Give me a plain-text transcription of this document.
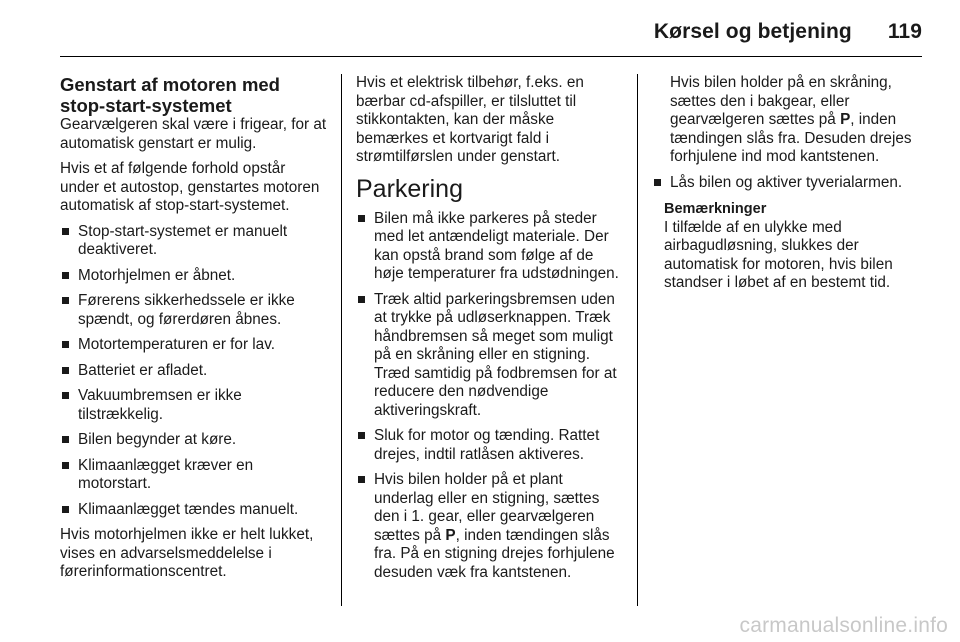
Kørsel og betjening 119
Genstart af motoren med stop-start-systemet

Gearvælgeren skal være i frigear, for at automatisk genstart er mulig.

Hvis et af følgende forhold opstår under et autostop, genstartes motoren automatisk af stop-start-systemet.

Stop-start-systemet er manuelt deaktiveret.
Motorhjelmen er åbnet.
Førerens sikkerhedssele er ikke spændt, og førerdøren åbnes.
Motortemperaturen er for lav.
Batteriet er afladet.
Vakuumbremsen er ikke tilstrækkelig.
Bilen begynder at køre.
Klimaanlægget kræver en motorstart.
Klimaanlægget tændes manuelt.

Hvis motorhjelmen ikke er helt lukket, vises en advarselsmeddelelse i førerinformationscentret.

Hvis et elektrisk tilbehør, f.eks. en bærbar cd-afspiller, er tilsluttet til stikkontakten, kan der måske bemærkes et kortvarigt fald i strømtilførslen under genstart.

Parkering
Bilen må ikke parkeres på steder med let antændeligt materiale. Der kan opstå brand som følge af de høje temperaturer fra udstødningen.
Træk altid parkeringsbremsen uden at trykke på udløserknappen. Træk håndbremsen så meget som muligt på en skråning eller en stigning. Træd samtidig på fodbremsen for at reducere den nødvendige aktiveringskraft.
Sluk for motor og tænding. Rattet drejes, indtil ratlåsen aktiveres.
Hvis bilen holder på et plant underlag eller en stigning, sættes den i 1. gear, eller gearvælgeren sættes på P, inden tændingen slås fra. På en stigning drejes forhjulene desuden væk fra kantstenen.

Hvis bilen holder på en skråning, sættes den i bakgear, eller gearvælgeren sættes på P, inden tændingen slås fra. Desuden drejes forhjulene ind mod kantstenen.

Lås bilen og aktiver tyverialarmen.
Bemærkninger
I tilfælde af en ulykke med airbagudløsning, slukkes der automatisk for motoren, hvis bilen standser i løbet af en bestemt tid.
carmanualsonline.info
